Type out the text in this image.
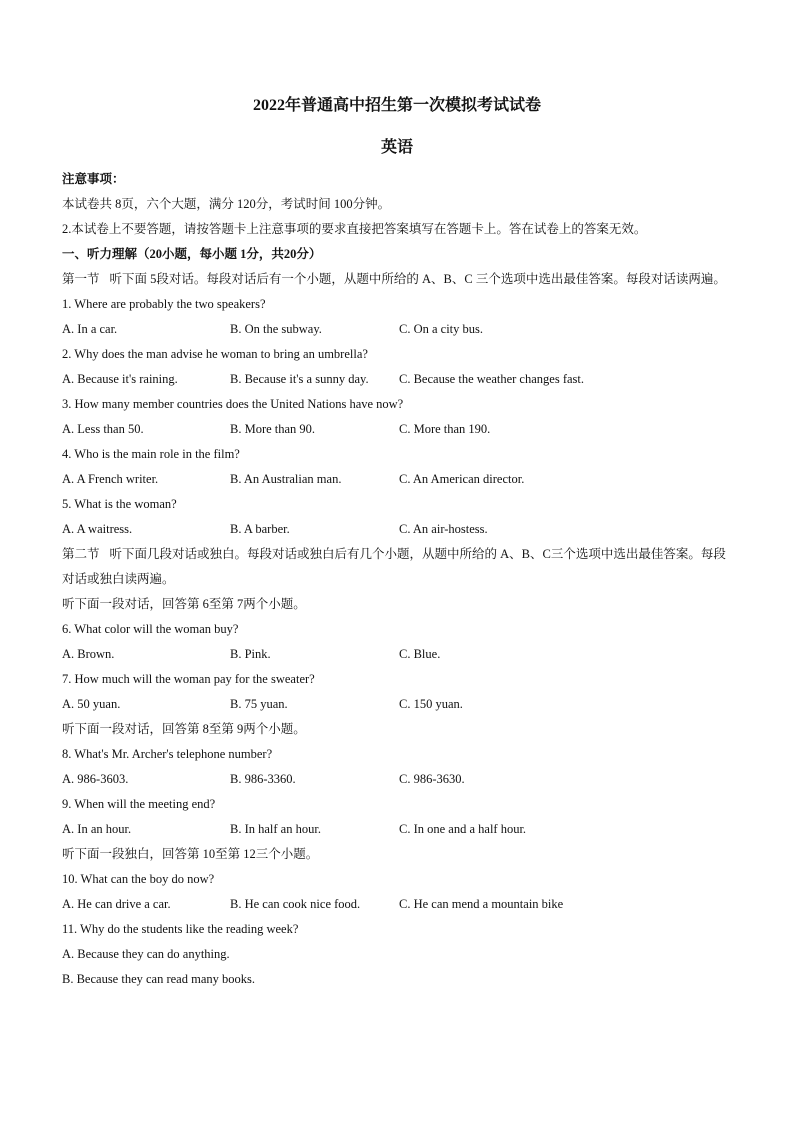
2022年普通高中招生第一次模拟考试试卷
英语
注意事项：
本试卷共 8页，六个大题，满分 120分，考试时间 100分钟。
2.本试卷上不要答题，请按答题卡上注意事项的要求直接把答案填写在答题卡上。答在试卷上的答案无效。
一、听力理解（20小题，每小题 1分，共20分）
第一节 听下面 5段对话。每段对话后有一个小题，从题中所给的 A、B、C 三个选项中选出最佳答案。每段对话读两遍。
1. Where are probably the two speakers?
A. In a car.	B. On the subway.	C. On a city bus.
2. Why does the man advise he woman to bring an umbrella?
A. Because it's raining.	B. Because it's a sunny day.	C. Because the weather changes fast.
3. How many member countries does the United Nations have now?
A. Less than 50.	B. More than 90.	C. More than 190.
4. Who is the main role in the film?
A. A French writer.	B. An Australian man.	C. An American director.
5. What is the woman?
A. A waitress.	B. A barber.	C. An air-hostess.
第二节 听下面几段对话或独白。每段对话或独白后有几个小题，从题中所给的 A、B、C三个选项中选出最佳答案。每段对话或独白读两遍。
听下面一段对话，回答第 6至第 7两个小题。
6. What color will the woman buy?
A. Brown.	B. Pink.	C. Blue.
7. How much will the woman pay for the sweater?
A. 50 yuan.	B. 75 yuan.	C. 150 yuan.
听下面一段对话，回答第 8至第 9两个小题。
8. What's Mr. Archer's telephone number?
A. 986-3603.	B. 986-3360.	C. 986-3630.
9. When will the meeting end?
A. In an hour.	B. In half an hour.	C. In one and a half hour.
听下面一段独白，回答第 10至第 12三个小题。
10. What can the boy do now?
A. He can drive a car.	B. He can cook nice food.	C. He can mend a mountain bike
11. Why do the students like the reading week?
A. Because they can do anything.
B. Because they can read many books.
